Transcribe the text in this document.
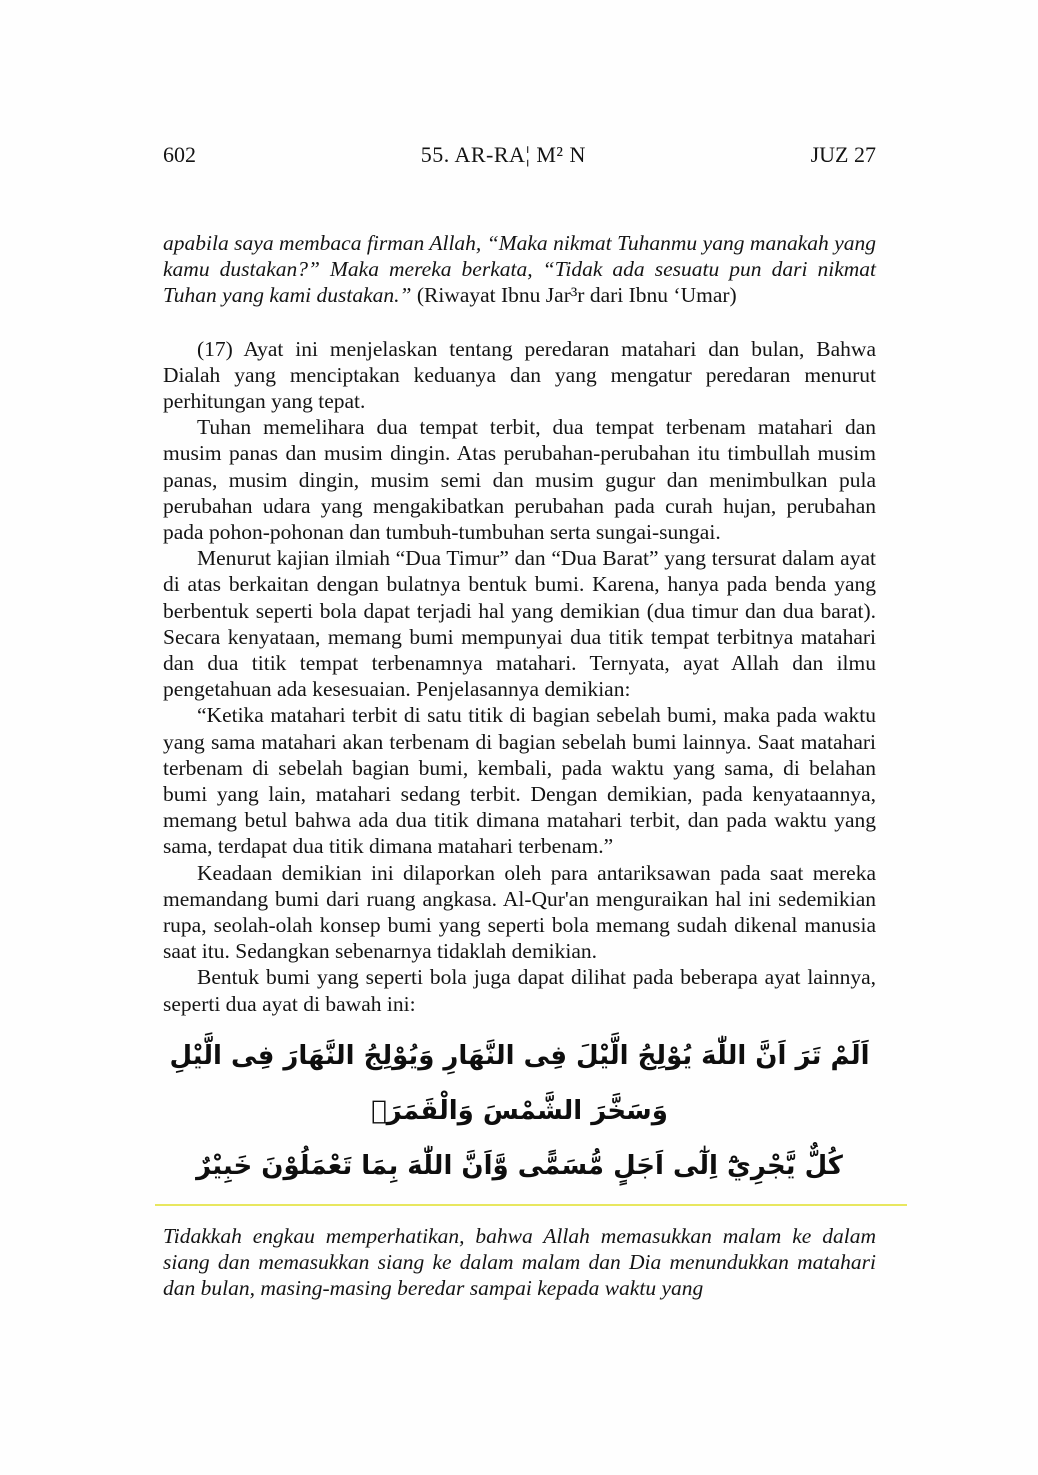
602	55. AR-RA¦ M² N	JUZ 27

apabila saya membaca firman Allah, “Maka nikmat Tuhanmu yang manakah yang kamu dustakan?” Maka mereka berkata, “Tidak ada sesuatu pun dari nikmat Tuhan yang kami dustakan.” (Riwayat Ibnu Jar³r dari Ibnu ‘Umar)

(17) Ayat ini menjelaskan tentang peredaran matahari dan bulan, Bahwa Dialah yang menciptakan keduanya dan yang mengatur peredaran menurut perhitungan yang tepat.

Tuhan memelihara dua tempat terbit, dua tempat terbenam matahari dan musim panas dan musim dingin. Atas perubahan-perubahan itu timbullah musim panas, musim dingin, musim semi dan musim gugur dan menimbulkan pula perubahan udara yang mengakibatkan perubahan pada curah hujan, perubahan pada pohon-pohonan dan tumbuh-tumbuhan serta sungai-sungai.

Menurut kajian ilmiah “Dua Timur” dan “Dua Barat” yang tersurat dalam ayat di atas berkaitan dengan bulatnya bentuk bumi. Karena, hanya pada benda yang berbentuk seperti bola dapat terjadi hal yang demikian (dua timur dan dua barat). Secara kenyataan, memang bumi mempunyai dua titik tempat terbitnya matahari dan dua titik tempat terbenamnya matahari. Ternyata, ayat Allah dan ilmu pengetahuan ada kesesuaian. Penjelasannya demikian:

“Ketika matahari terbit di satu titik di bagian sebelah bumi, maka pada waktu yang sama matahari akan terbenam di bagian sebelah bumi lainnya. Saat matahari terbenam di sebelah bagian bumi, kembali, pada waktu yang sama, di belahan bumi yang lain, matahari sedang terbit. Dengan demikian, pada kenyataannya, memang betul bahwa ada dua titik dimana matahari terbit, dan pada waktu yang sama, terdapat dua titik dimana matahari terbenam.”

Keadaan demikian ini dilaporkan oleh para antariksawan pada saat mereka memandang bumi dari ruang angkasa. Al-Qur'an menguraikan hal ini sedemikian rupa, seolah-olah konsep bumi yang seperti bola memang sudah dikenal manusia saat itu. Sedangkan sebenarnya tidaklah demikian.

Bentuk bumi yang seperti bola juga dapat dilihat pada beberapa ayat lainnya, seperti dua ayat di bawah ini:

اَلَمْ تَرَ اَنَّ اللّٰهَ يُوْلِجُ الَّيْلَ فِى النَّهَارِ وَيُوْلِجُ النَّهَارَ فِى الَّيْلِ وَسَخَّرَ الشَّمْسَ وَالْقَمَرَۖ
كُلٌّ يَّجْرِيْٓ اِلٰٓى اَجَلٍ مُّسَمًّى وَّاَنَّ اللّٰهَ بِمَا تَعْمَلُوْنَ خَبِيْرٌ

Tidakkah engkau memperhatikan, bahwa Allah memasukkan malam ke dalam siang dan memasukkan siang ke dalam malam dan Dia menundukkan matahari dan bulan, masing-masing beredar sampai kepada waktu yang
